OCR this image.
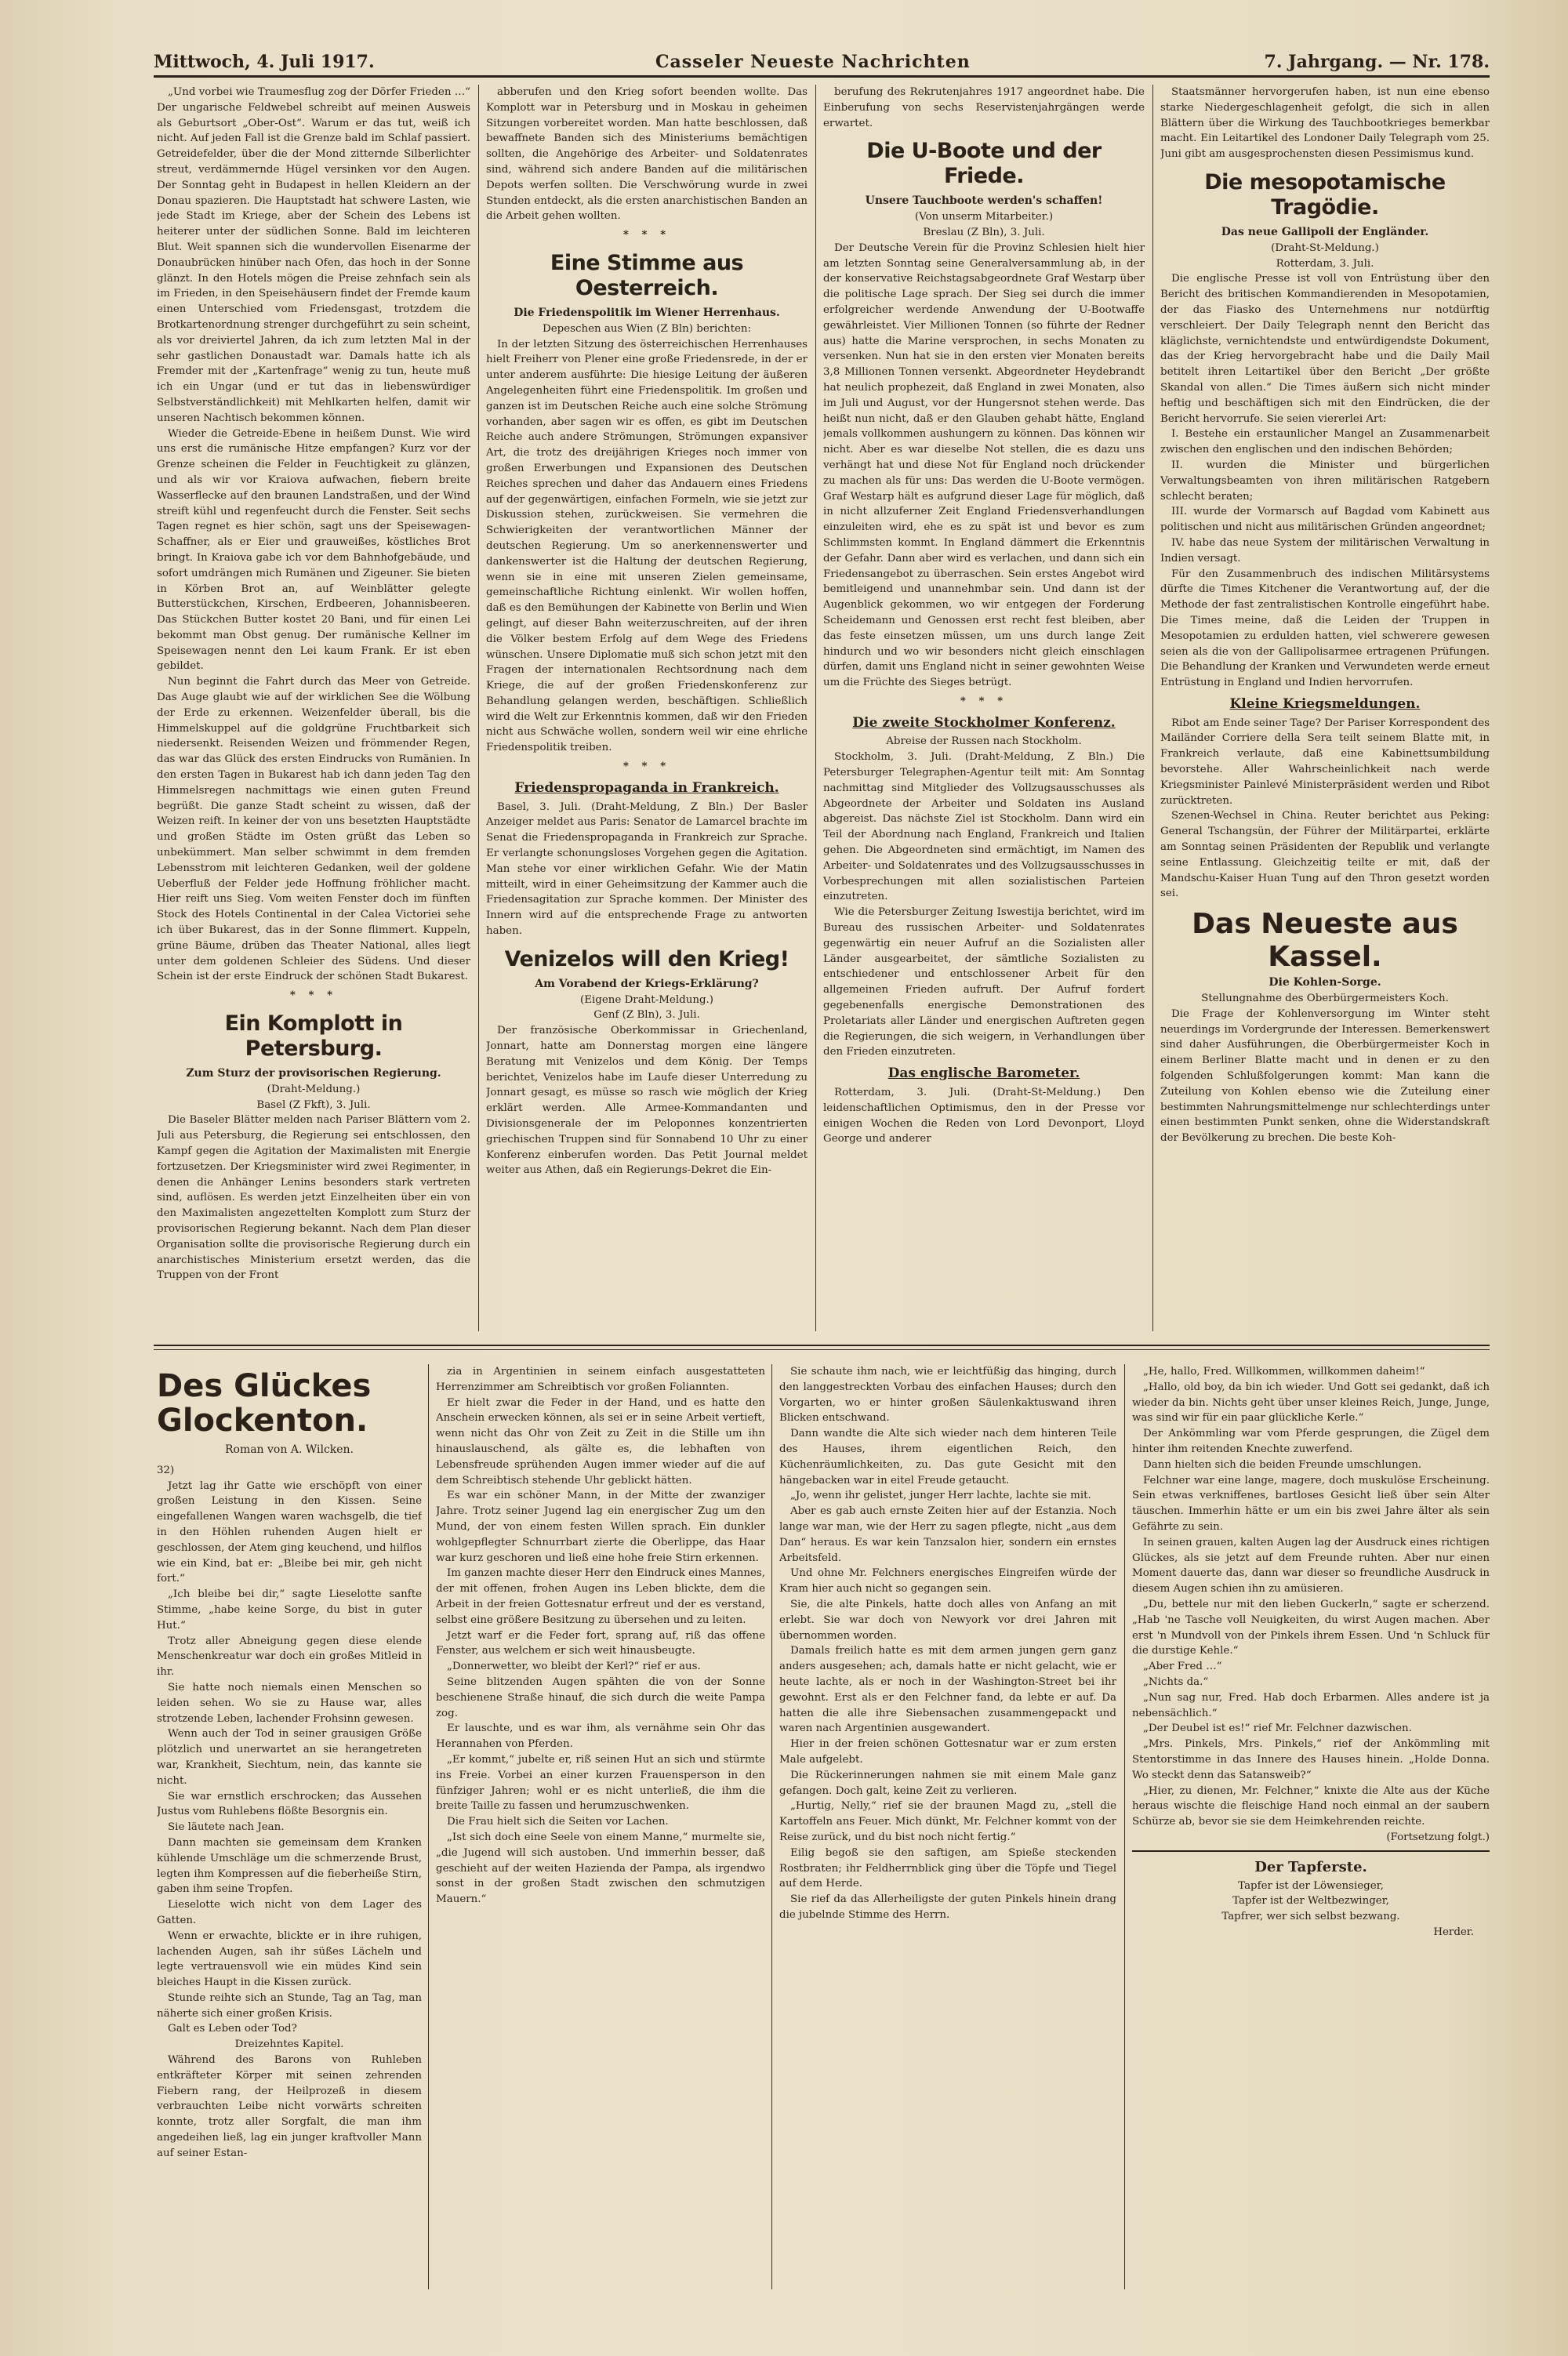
Mittwoch, 4. Juli 1917.	Casseler Neueste Nachrichten	7. Jahrgang. — Nr. 178.

„Und vorbei wie Traumesflug zog der Dörfer Frieden …“ Der ungarische Feldwebel schreibt auf meinen Ausweis als Geburtsort „Ober-Ost“. Warum er das tut, weiß ich nicht. Auf jeden Fall ist die Grenze bald im Schlaf passiert. Getreidefelder, über die der Mond zitternde Silberlichter streut, verdämmernde Hügel versinken vor den Augen. Der Sonntag geht in Budapest in hellen Kleidern an der Donau spazieren. Die Hauptstadt hat schwere Lasten, wie jede Stadt im Kriege, aber der Schein des Lebens ist heiterer unter der südlichen Sonne. Bald im leichteren Blut. Weit spannen sich die wundervollen Eisenarme der Donaubrücken hinüber nach Ofen, das hoch in der Sonne glänzt. In den Hotels mögen die Preise zehnfach sein als im Frieden, in den Speisehäusern findet der Fremde kaum einen Unterschied vom Friedensgast, trotzdem die Brotkartenordnung strenger durchgeführt zu sein scheint, als vor dreiviertel Jahren, da ich zum letzten Mal in der sehr gastlichen Donaustadt war. Damals hatte ich als Fremder mit der „Kartenfrage“ wenig zu tun, heute muß ich ein Ungar (und er tut das in liebenswürdiger Selbstverständlichkeit) mit Mehlkarten helfen, damit wir unseren Nachtisch bekommen können.

Wieder die Getreide-Ebene in heißem Dunst. Wie wird uns erst die rumänische Hitze empfangen? Kurz vor der Grenze scheinen die Felder in Feuchtigkeit zu glänzen, und als wir vor Kraiova aufwachen, fiebern breite Wasserflecke auf den braunen Landstraßen, und der Wind streift kühl und regenfeucht durch die Fenster. Seit sechs Tagen regnet es hier schön, sagt uns der Speisewagen-Schaffner, als er Eier und grauweißes, köstliches Brot bringt. In Kraiova gabe ich vor dem Bahnhofgebäude, und sofort umdrängen mich Rumänen und Zigeuner. Sie bieten in Körben Brot an, auf Weinblätter gelegte Butterstückchen, Kirschen, Erdbeeren, Johannisbeeren. Das Stückchen Butter kostet 20 Bani, und für einen Lei bekommt man Obst genug. Der rumänische Kellner im Speisewagen nennt den Lei kaum Frank. Er ist eben gebildet.

Nun beginnt die Fahrt durch das Meer von Getreide. Das Auge glaubt wie auf der wirklichen See die Wölbung der Erde zu erkennen. Weizenfelder überall, bis die Himmelskuppel auf die goldgrüne Fruchtbarkeit sich niedersenkt. Reisenden Weizen und frömmender Regen, das war das Glück des ersten Eindrucks von Rumänien. In den ersten Tagen in Bukarest hab ich dann jeden Tag den Himmelsregen nachmittags wie einen guten Freund begrüßt. Die ganze Stadt scheint zu wissen, daß der Weizen reift. In keiner der von uns besetzten Hauptstädte und großen Städte im Osten grüßt das Leben so unbekümmert. Man selber schwimmt in dem fremden Lebensstrom mit leichteren Gedanken, weil der goldene Ueberfluß der Felder jede Hoffnung fröhlicher macht. Hier reift uns Sieg. Vom weiten Fenster doch im fünften Stock des Hotels Continental in der Calea Victoriei sehe ich über Bukarest, das in der Sonne flimmert. Kuppeln, grüne Bäume, drüben das Theater National, alles liegt unter dem goldenen Schleier des Südens. Und dieser Schein ist der erste Eindruck der schönen Stadt Bukarest.

* * *
Ein Komplott in Petersburg.
Zum Sturz der provisorischen Regierung.
(Draht-Meldung.)
Basel (Z Fkft), 3. Juli.

Die Baseler Blätter melden nach Pariser Blättern vom 2. Juli aus Petersburg, die Regierung sei entschlossen, den Kampf gegen die Agitation der Maximalisten mit Energie fortzusetzen. Der Kriegsminister wird zwei Regimenter, in denen die Anhänger Lenins besonders stark vertreten sind, auflösen. Es werden jetzt Einzelheiten über ein von den Maximalisten angezettelten Komplott zum Sturz der provisorischen Regierung bekannt. Nach dem Plan dieser Organisation sollte die provisorische Regierung durch ein anarchistisches Ministerium ersetzt werden, das die Truppen von der Front

abberufen und den Krieg sofort beenden wollte. Das Komplott war in Petersburg und in Moskau in geheimen Sitzungen vorbereitet worden. Man hatte beschlossen, daß bewaffnete Banden sich des Ministeriums bemächtigen sollten, die Angehörige des Arbeiter- und Soldatenrates sind, während sich andere Banden auf die militärischen Depots werfen sollten. Die Verschwörung wurde in zwei Stunden entdeckt, als die ersten anarchistischen Banden an die Arbeit gehen wollten.

* * *
Eine Stimme aus Oesterreich.
Die Friedenspolitik im Wiener Herrenhaus.
Depeschen aus Wien (Z Bln) berichten:

In der letzten Sitzung des österreichischen Herrenhauses hielt Freiherr von Plener eine große Friedensrede, in der er unter anderem ausführte: Die hiesige Leitung der äußeren Angelegenheiten führt eine Friedenspolitik. Im großen und ganzen ist im Deutschen Reiche auch eine solche Strömung vorhanden, aber sagen wir es offen, es gibt im Deutschen Reiche auch andere Strömungen, Strömungen expansiver Art, die trotz des dreijährigen Krieges noch immer von großen Erwerbungen und Expansionen des Deutschen Reiches sprechen und daher das Andauern eines Friedens auf der gegenwärtigen, einfachen Formeln, wie sie jetzt zur Diskussion stehen, zurückweisen. Sie vermehren die Schwierigkeiten der verantwortlichen Männer der deutschen Regierung. Um so anerkennenswerter und dankenswerter ist die Haltung der deutschen Regierung, wenn sie in eine mit unseren Zielen gemeinsame, gemeinschaftliche Richtung einlenkt. Wir wollen hoffen, daß es den Bemühungen der Kabinette von Berlin und Wien gelingt, auf dieser Bahn weiterzuschreiten, auf der ihren die Völker bestem Erfolg auf dem Wege des Friedens wünschen. Unsere Diplomatie muß sich schon jetzt mit den Fragen der internationalen Rechtsordnung nach dem Kriege, die auf der großen Friedenskonferenz zur Behandlung gelangen werden, beschäftigen. Schließlich wird die Welt zur Erkenntnis kommen, daß wir den Frieden nicht aus Schwäche wollen, sondern weil wir eine ehrliche Friedenspolitik treiben.

* * *
Friedenspropaganda in Frankreich.

Basel, 3. Juli. (Draht-Meldung, Z Bln.) Der Basler Anzeiger meldet aus Paris: Senator de Lamarcel brachte im Senat die Friedenspropaganda in Frankreich zur Sprache. Er verlangte schonungsloses Vorgehen gegen die Agitation. Man stehe vor einer wirklichen Gefahr. Wie der Matin mitteilt, wird in einer Geheimsitzung der Kammer auch die Friedensagitation zur Sprache kommen. Der Minister des Innern wird auf die entsprechende Frage zu antworten haben.

Venizelos will den Krieg!
Am Vorabend der Kriegs-Erklärung?
(Eigene Draht-Meldung.)
Genf (Z Bln), 3. Juli.

Der französische Oberkommissar in Griechenland, Jonnart, hatte am Donnerstag morgen eine längere Beratung mit Venizelos und dem König. Der Temps berichtet, Venizelos habe im Laufe dieser Unterredung zu Jonnart gesagt, es müsse so rasch wie möglich der Krieg erklärt werden. Alle Armee-Kommandanten und Divisionsgenerale der im Peloponnes konzentrierten griechischen Truppen sind für Sonnabend 10 Uhr zu einer Konferenz einberufen worden. Das Petit Journal meldet weiter aus Athen, daß ein Regierungs-Dekret die Ein-

berufung des Rekrutenjahres 1917 angeordnet habe. Die Einberufung von sechs Reservistenjahrgängen werde erwartet.

Die U-Boote und der Friede.
Unsere Tauchboote werden's schaffen!
(Von unserm Mitarbeiter.)
Breslau (Z Bln), 3. Juli.

Der Deutsche Verein für die Provinz Schlesien hielt hier am letzten Sonntag seine Generalversammlung ab, in der der konservative Reichstagsabgeordnete Graf Westarp über die politische Lage sprach. Der Sieg sei durch die immer erfolgreicher werdende Anwendung der U-Bootwaffe gewährleistet. Vier Millionen Tonnen (so führte der Redner aus) hatte die Marine versprochen, in sechs Monaten zu versenken. Nun hat sie in den ersten vier Monaten bereits 3,8 Millionen Tonnen versenkt. Abgeordneter Heydebrandt hat neulich prophezeit, daß England in zwei Monaten, also im Juli und August, vor der Hungersnot stehen werde. Das heißt nun nicht, daß er den Glauben gehabt hätte, England jemals vollkommen aushungern zu können. Das können wir nicht. Aber es war dieselbe Not stellen, die es dazu uns verhängt hat und diese Not für England noch drückender zu machen als für uns: Das werden die U-Boote vermögen. Graf Westarp hält es aufgrund dieser Lage für möglich, daß in nicht allzuferner Zeit England Friedensverhandlungen einzuleiten wird, ehe es zu spät ist und bevor es zum Schlimmsten kommt. In England dämmert die Erkenntnis der Gefahr. Dann aber wird es verlachen, und dann sich ein Friedensangebot zu überraschen. Sein erstes Angebot wird bemitleigend und unannehmbar sein. Und dann ist der Augenblick gekommen, wo wir entgegen der Forderung Scheidemann und Genossen erst recht fest bleiben, aber das feste einsetzen müssen, um uns durch lange Zeit hindurch und wo wir besonders nicht gleich einschlagen dürfen, damit uns England nicht in seiner gewohnten Weise um die Früchte des Sieges betrügt.

* * *
Die zweite Stockholmer Konferenz.
Abreise der Russen nach Stockholm.

Stockholm, 3. Juli. (Draht-Meldung, Z Bln.) Die Petersburger Telegraphen-Agentur teilt mit: Am Sonntag nachmittag sind Mitglieder des Vollzugsausschusses als Abgeordnete der Arbeiter und Soldaten ins Ausland abgereist. Das nächste Ziel ist Stockholm. Dann wird ein Teil der Abordnung nach England, Frankreich und Italien gehen. Die Abgeordneten sind ermächtigt, im Namen des Arbeiter- und Soldatenrates und des Vollzugsausschusses in Vorbesprechungen mit allen sozialistischen Parteien einzutreten.

Wie die Petersburger Zeitung Iswestija berichtet, wird im Bureau des russischen Arbeiter- und Soldatenrates gegenwärtig ein neuer Aufruf an die Sozialisten aller Länder ausgearbeitet, der sämtliche Sozialisten zu entschiedener und entschlossener Arbeit für den allgemeinen Frieden aufruft. Der Aufruf fordert gegebenenfalls energische Demonstrationen des Proletariats aller Länder und energischen Auftreten gegen die Regierungen, die sich weigern, in Verhandlungen über den Frieden einzutreten.

Das englische Barometer.

Rotterdam, 3. Juli. (Draht-St-Meldung.) Den leidenschaftlichen Optimismus, den in der Presse vor einigen Wochen die Reden von Lord Devonport, Lloyd George und anderer

Staatsmänner hervorgerufen haben, ist nun eine ebenso starke Niedergeschlagenheit gefolgt, die sich in allen Blättern über die Wirkung des Tauchbootkrieges bemerkbar macht. Ein Leitartikel des Londoner Daily Telegraph vom 25. Juni gibt am ausgesprochensten diesen Pessimismus kund.

Die mesopotamische Tragödie.
Das neue Gallipoli der Engländer.
(Draht-St-Meldung.)
Rotterdam, 3. Juli.

Die englische Presse ist voll von Entrüstung über den Bericht des britischen Kommandierenden in Mesopotamien, der das Fiasko des Unternehmens nur notdürftig verschleiert. Der Daily Telegraph nennt den Bericht das kläglichste, vernichtendste und entwürdigendste Dokument, das der Krieg hervorgebracht habe und die Daily Mail betitelt ihren Leitartikel über den Bericht „Der größte Skandal von allen.“ Die Times äußern sich nicht minder heftig und beschäftigen sich mit den Eindrücken, die der Bericht hervorrufe. Sie seien viererlei Art:

I. Bestehe ein erstaunlicher Mangel an Zusammenarbeit zwischen den englischen und den indischen Behörden;

II. wurden die Minister und bürgerlichen Verwaltungsbeamten von ihren militärischen Ratgebern schlecht beraten;

III. wurde der Vormarsch auf Bagdad vom Kabinett aus politischen und nicht aus militärischen Gründen angeordnet;

IV. habe das neue System der militärischen Verwaltung in Indien versagt.

Für den Zusammenbruch des indischen Militärsystems dürfte die Times Kitchener die Verantwortung auf, der die Methode der fast zentralistischen Kontrolle eingeführt habe. Die Times meine, daß die Leiden der Truppen in Mesopotamien zu erdulden hatten, viel schwerere gewesen seien als die von der Gallipolisarmee ertragenen Prüfungen. Die Behandlung der Kranken und Verwundeten werde erneut Entrüstung in England und Indien hervorrufen.

Kleine Kriegsmeldungen.

Ribot am Ende seiner Tage? Der Pariser Korrespondent des Mailänder Corriere della Sera teilt seinem Blatte mit, in Frankreich verlaute, daß eine Kabinettsumbildung bevorstehe. Aller Wahrscheinlichkeit nach werde Kriegsminister Painlevé Ministerpräsident werden und Ribot zurücktreten.

Szenen-Wechsel in China. Reuter berichtet aus Peking: General Tschangsün, der Führer der Militärpartei, erklärte am Sonntag seinen Präsidenten der Republik und verlangte seine Entlassung. Gleichzeitig teilte er mit, daß der Mandschu-Kaiser Huan Tung auf den Thron gesetzt worden sei.

Das Neueste aus Kassel.
Die Kohlen-Sorge.
Stellungnahme des Oberbürgermeisters Koch.

Die Frage der Kohlenversorgung im Winter steht neuerdings im Vordergrunde der Interessen. Bemerkenswert sind daher Ausführungen, die Oberbürgermeister Koch in einem Berliner Blatte macht und in denen er zu den folgenden Schlußfolgerungen kommt: Man kann die Zuteilung von Kohlen ebenso wie die Zuteilung einer bestimmten Nahrungsmittelmenge nur schlechterdings unter einen bestimmten Punkt senken, ohne die Widerstandskraft der Bevölkerung zu brechen. Die beste Koh-

Des Glückes Glockenton.
Roman von A. Wilcken.
32)

Jetzt lag ihr Gatte wie erschöpft von einer großen Leistung in den Kissen. Seine eingefallenen Wangen waren wachsgelb, die tief in den Höhlen ruhenden Augen hielt er geschlossen, der Atem ging keuchend, und hilflos wie ein Kind, bat er: „Bleibe bei mir, geh nicht fort.“

„Ich bleibe bei dir,“ sagte Lieselotte sanfte Stimme, „habe keine Sorge, du bist in guter Hut.“

Trotz aller Abneigung gegen diese elende Menschenkreatur war doch ein großes Mitleid in ihr.

Sie hatte noch niemals einen Menschen so leiden sehen. Wo sie zu Hause war, alles strotzende Leben, lachender Frohsinn gewesen.

Wenn auch der Tod in seiner grausigen Größe plötzlich und unerwartet an sie herangetreten war, Krankheit, Siechtum, nein, das kannte sie nicht.

Sie war ernstlich erschrocken; das Aussehen Justus vom Ruhlebens flößte Besorgnis ein.

Sie läutete nach Jean.

Dann machten sie gemeinsam dem Kranken kühlende Umschläge um die schmerzende Brust, legten ihm Kompressen auf die fieberheiße Stirn, gaben ihm seine Tropfen.

Lieselotte wich nicht von dem Lager des Gatten.

Wenn er erwachte, blickte er in ihre ruhigen, lachenden Augen, sah ihr süßes Lächeln und legte vertrauensvoll wie ein müdes Kind sein bleiches Haupt in die Kissen zurück.

Stunde reihte sich an Stunde, Tag an Tag, man näherte sich einer großen Krisis.

Galt es Leben oder Tod?

Dreizehntes Kapitel.

Während des Barons von Ruhleben entkräfteter Körper mit seinen zehrenden Fiebern rang, der Heilprozeß in diesem verbrauchten Leibe nicht vorwärts schreiten konnte, trotz aller Sorgfalt, die man ihm angedeihen ließ, lag ein junger kraftvoller Mann auf seiner Estan-

zia in Argentinien in seinem einfach ausgestatteten Herrenzimmer am Schreibtisch vor großen Foliannten.

Er hielt zwar die Feder in der Hand, und es hatte den Anschein erwecken können, als sei er in seine Arbeit vertieft, wenn nicht das Ohr von Zeit zu Zeit in die Stille um ihn hinauslauschend, als gälte es, die lebhaften von Lebensfreude sprühenden Augen immer wieder auf die auf dem Schreibtisch stehende Uhr geblickt hätten.

Es war ein schöner Mann, in der Mitte der zwanziger Jahre. Trotz seiner Jugend lag ein energischer Zug um den Mund, der von einem festen Willen sprach. Ein dunkler wohlgepflegter Schnurrbart zierte die Oberlippe, das Haar war kurz geschoren und ließ eine hohe freie Stirn erkennen.

Im ganzen machte dieser Herr den Eindruck eines Mannes, der mit offenen, frohen Augen ins Leben blickte, dem die Arbeit in der freien Gottesnatur erfreut und der es verstand, selbst eine größere Besitzung zu übersehen und zu leiten.

Jetzt warf er die Feder fort, sprang auf, riß das offene Fenster, aus welchem er sich weit hinausbeugte.

„Donnerwetter, wo bleibt der Kerl?“ rief er aus.

Seine blitzenden Augen spähten die von der Sonne beschienene Straße hinauf, die sich durch die weite Pampa zog.

Er lauschte, und es war ihm, als vernähme sein Ohr das Herannahen von Pferden.

„Er kommt,“ jubelte er, riß seinen Hut an sich und stürmte ins Freie. Vorbei an einer kurzen Frauensperson in den fünfziger Jahren; wohl er es nicht unterließ, die ihm die breite Taille zu fassen und herumzuschwenken.

Die Frau hielt sich die Seiten vor Lachen.

„Ist sich doch eine Seele von einem Manne,“ murmelte sie, „die Jugend will sich austoben. Und immerhin besser, daß geschieht auf der weiten Hazienda der Pampa, als irgendwo sonst in der großen Stadt zwischen den schmutzigen Mauern.“

Sie schaute ihm nach, wie er leichtfüßig das hinging, durch den langgestreckten Vorbau des einfachen Hauses; durch den Vorgarten, wo er hinter großen Säulenkaktuswand ihren Blicken entschwand.

Dann wandte die Alte sich wieder nach dem hinteren Teile des Hauses, ihrem eigentlichen Reich, den Küchenräumlichkeiten, zu. Das gute Gesicht mit den hängebacken war in eitel Freude getaucht.

„Jo, wenn ihr gelistet, junger Herr lachte, lachte sie mit.

Aber es gab auch ernste Zeiten hier auf der Estanzia. Noch lange war man, wie der Herr zu sagen pflegte, nicht „aus dem Dan“ heraus. Es war kein Tanzsalon hier, sondern ein ernstes Arbeitsfeld.

Und ohne Mr. Felchners energisches Eingreifen würde der Kram hier auch nicht so gegangen sein.

Sie, die alte Pinkels, hatte doch alles von Anfang an mit erlebt. Sie war doch von Newyork vor drei Jahren mit übernommen worden.

Damals freilich hatte es mit dem armen jungen gern ganz anders ausgesehen; ach, damals hatte er nicht gelacht, wie er heute lachte, als er noch in der Washington-Street bei ihr gewohnt. Erst als er den Felchner fand, da lebte er auf. Da hatten die alle ihre Siebensachen zusammengepackt und waren nach Argentinien ausgewandert.

Hier in der freien schönen Gottesnatur war er zum ersten Male aufgelebt.

Die Rückerinnerungen nahmen sie mit einem Male ganz gefangen. Doch galt, keine Zeit zu verlieren.

„Hurtig, Nelly,“ rief sie der braunen Magd zu, „stell die Kartoffeln ans Feuer. Mich dünkt, Mr. Felchner kommt von der Reise zurück, und du bist noch nicht fertig.“

Eilig begoß sie den saftigen, am Spieße steckenden Rostbraten; ihr Feldherrnblick ging über die Töpfe und Tiegel auf dem Herde.

Sie rief da das Allerheiligste der guten Pinkels hinein drang die jubelnde Stimme des Herrn.

„He, hallo, Fred. Willkommen, willkommen daheim!“

„Hallo, old boy, da bin ich wieder. Und Gott sei gedankt, daß ich wieder da bin. Nichts geht über unser kleines Reich, Junge, Junge, was sind wir für ein paar glückliche Kerle.“

Der Ankömmling war vom Pferde gesprungen, die Zügel dem hinter ihm reitenden Knechte zuwerfend.

Dann hielten sich die beiden Freunde umschlungen.

Felchner war eine lange, magere, doch muskulöse Erscheinung. Sein etwas verkniffenes, bartloses Gesicht ließ über sein Alter täuschen. Immerhin hätte er um ein bis zwei Jahre älter als sein Gefährte zu sein.

In seinen grauen, kalten Augen lag der Ausdruck eines richtigen Glückes, als sie jetzt auf dem Freunde ruhten. Aber nur einen Moment dauerte das, dann war dieser so freundliche Ausdruck in diesem Augen schien ihn zu amüsieren.

„Du, bettele nur mit den lieben Guckerln,“ sagte er scherzend. „Hab 'ne Tasche voll Neuigkeiten, du wirst Augen machen. Aber erst 'n Mundvoll von der Pinkels ihrem Essen. Und 'n Schluck für die durstige Kehle.“

„Aber Fred …“

„Nichts da.“

„Nun sag nur, Fred. Hab doch Erbarmen. Alles andere ist ja nebensächlich.“

„Der Deubel ist es!“ rief Mr. Felchner dazwischen.

„Mrs. Pinkels, Mrs. Pinkels,“ rief der Ankömmling mit Stentorstimme in das Innere des Hauses hinein. „Holde Donna. Wo steckt denn das Satansweib?“

„Hier, zu dienen, Mr. Felchner,“ knixte die Alte aus der Küche heraus wischte die fleischige Hand noch einmal an der saubern Schürze ab, bevor sie sie dem Heimkehrenden reichte.

(Fortsetzung folgt.)

Der Tapferste.

Tapfer ist der Löwensieger,

Tapfer ist der Weltbezwinger,

Tapfrer, wer sich selbst bezwang.

Herder.
